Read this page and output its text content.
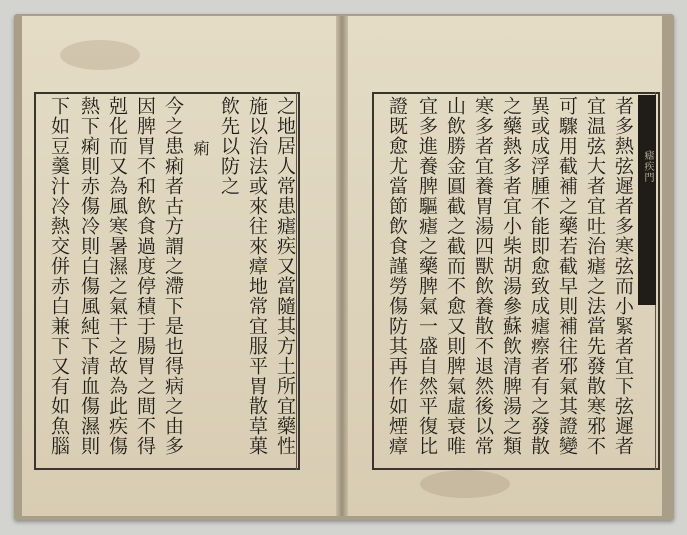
瘧疾門
之地居人常患瘧疾又當隨其方土所宜藥性
施以治法或來往來瘴地常宜服平胃散草菓
飲先以防之
痢
今之患痢者古方謂之滯下是也得病之由多
因脾胃不和飲食過度停積于腸胃之間不得
剋化而又為風寒暑濕之氣干之故為此疾傷
熱下痢則赤傷冷則白傷風純下清血傷濕則
下如豆羹汁冷熱交併赤白兼下又有如魚腦	者多熱弦遲者多寒弦而小緊者宜下弦遲者
宜温弦大者宜吐治瘧之法當先發散寒邪不
可驟用截補之藥若截早則補往邪氣其證變
異或成浮腫不能即愈致成瘧瘵者有之發散
之藥熱多者宜小柴胡湯參蘇飲清脾湯之類
寒多者宜養胃湯四獸飲養散不退然後以常
山飲勝金圓截之截而不愈又則脾氣虛衰唯
宜多進養脾驅瘧之藥脾氣一盛自然平復比
證既愈尤當節飲食謹勞傷防其再作如煙瘴
